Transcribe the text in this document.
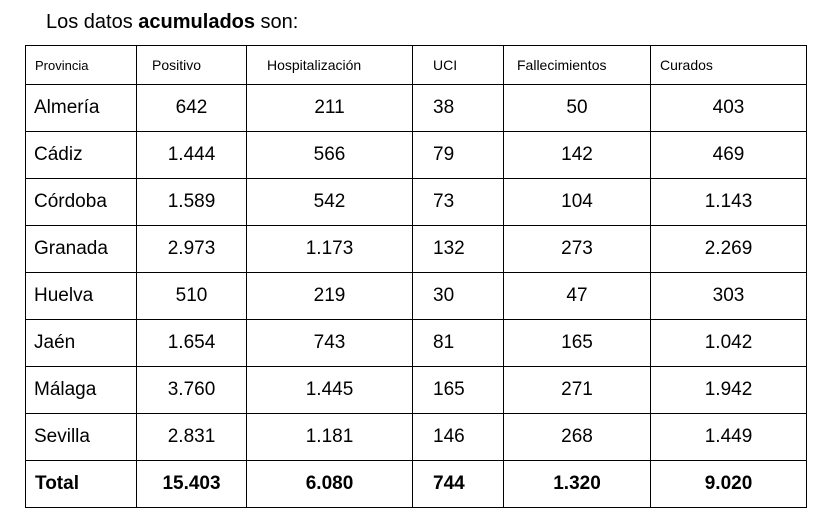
Los datos acumulados son:
Provincia	Positivo	Hospitalización	UCI	Fallecimientos	Curados
Almería	642	211	38	50	403
Cádiz	1.444	566	79	142	469
Córdoba	1.589	542	73	104	1.143
Granada	2.973	1.173	132	273	2.269
Huelva	510	219	30	47	303
Jaén	1.654	743	81	165	1.042
Málaga	3.760	1.445	165	271	1.942
Sevilla	2.831	1.181	146	268	1.449
Total	15.403	6.080	744	1.320	9.020
